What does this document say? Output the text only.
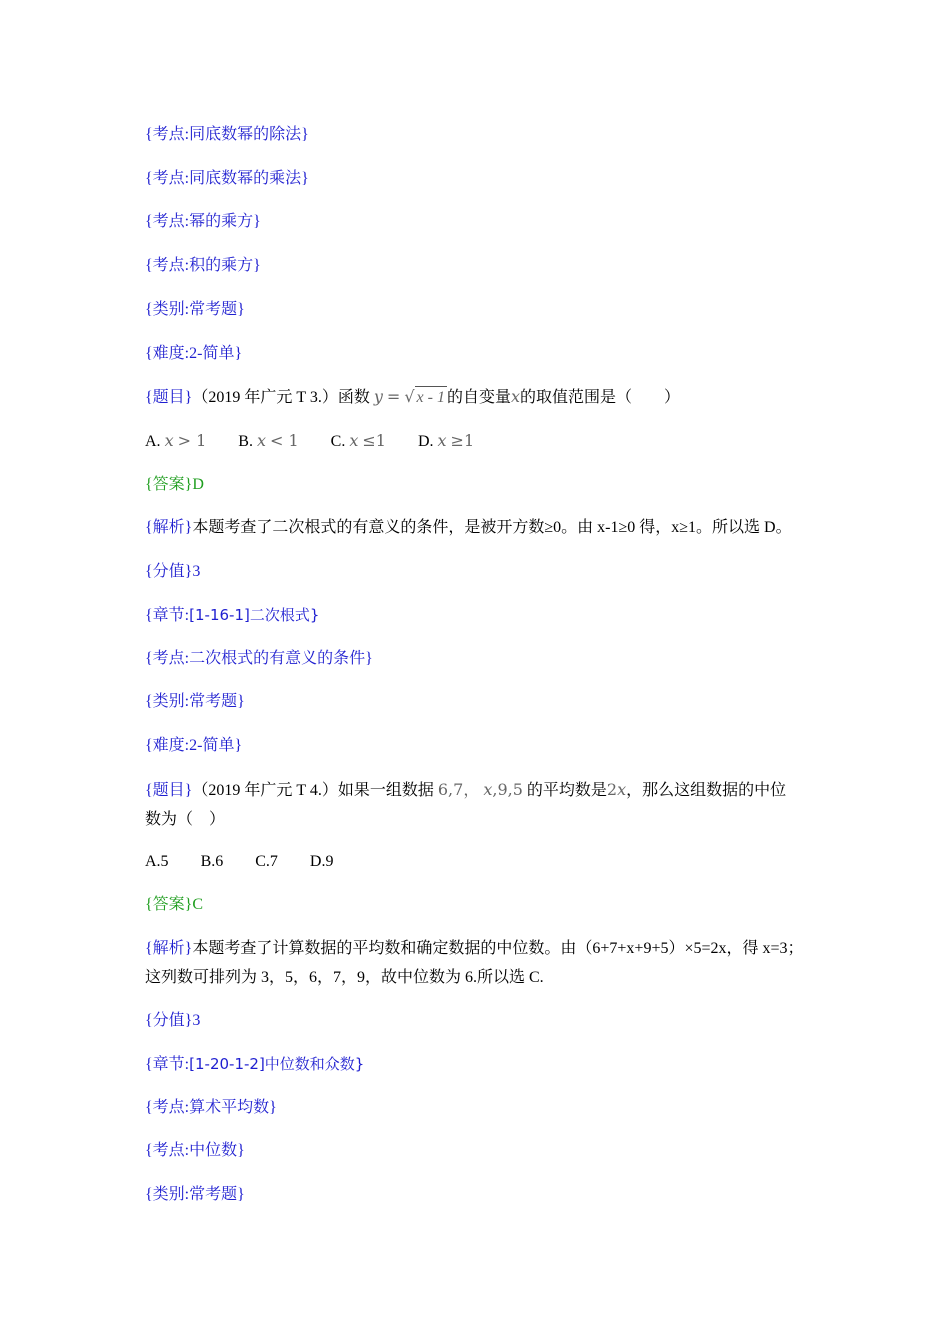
{考点:同底数幂的除法}
{考点:同底数幂的乘法}
{考点:幂的乘方}
{考点:积的乘方}
{类别:常考题}
{难度:2-简单}
{题目}（2019 年广元 T 3.）函数 y = √ x - 1 的自变量x的取值范围是（　　）
A. x > 1 B. x < 1 C. x ≤1 D. x ≥1
{答案}D
{解析}本题考查了二次根式的有意义的条件，是被开方数≥0。由 x-1≥0 得，x≥1。所以选 D。
{分值}3
{章节:[1-16-1]二次根式}
{考点:二次根式的有意义的条件}
{类别:常考题}
{难度:2-简单}
{题目}（2019 年广元 T 4.）如果一组数据 6,7， x,9,5 的平均数是2x，那么这组数据的中位
数为（　）
A.5 B.6 C.7 D.9
{答案}C
{解析}本题考查了计算数据的平均数和确定数据的中位数。由（6+7+x+9+5）×5=2x，得 x=3；
这列数可排列为 3，5，6，7，9，故中位数为 6.所以选 C.
{分值}3
{章节:[1-20-1-2]中位数和众数}
{考点:算术平均数}
{考点:中位数}
{类别:常考题}
